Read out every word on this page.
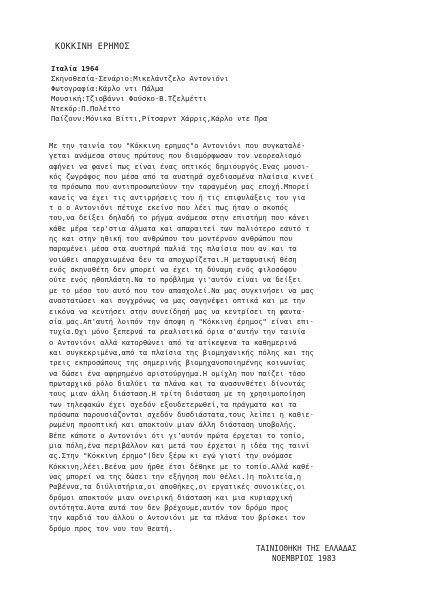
ΚΟΚΚΙΝΗ ΕΡΗΜΟΣ
Ιταλία 1964
Σκηνοθεσία-Σενάριο:Μικελάντζελο Αντονιόνι
Φωτογραφία:Κάρλο ντι Πάλμα
Μουσική:Τζιοβάννι Φούσκο-Β.Τζελμέττι
Ντεκόρ:Π.Πολέττο
Παίζουν:Μόνικα Βίττι,Ρίτσαρντ Χάρρις,Κάρλο ντε Πρα
Με την ταινία του "Κόκκινη ερημος"ο Αντονιόνι που συγκαταλέ-
γεται ανάμεσα στους πρώτους που διαμόρφωσαν τον νεορεαλισμό
αφήνει να φανεί πως είναι ένας οπτικός δημιουργός.Ενας μουσι-
κός ζωγράφος που μέσα από τα αυστηρά σχεδιασμένα πλαίσια κινεί
τα πρόσωπα που αντιπροσωπεύουν την ταραγμένη μας εποχή.Μπορεί
κανείς να έχει τις αντιρρήσεις του ή τις επιφυλάξεις του για
τ ο ο Αντονιόνι πέτυχε εκείνο που λέει πως ήταν ο σκοπός
του,να δείξει δηλαδή το ρήγμα ανάμεσα στην επιστήμη που κάνει
κάθε μέρα τερ'στια άλματα και απαραιτεί των παλιότερο εαυτό τ
ης και στην ηθική του ανθρώπου του μοντέρνου ανθρώπου που
παραμένει μέσα στα αυστηρά παλιά της πλαίσια που αν και τα
νοιώθει απαρχαιωμένα δεν τα αποχωρίζεται.Η μεταφυσική θέση
ενός σκηνοθέτη δεν μπορεί να έχει τη δύναμη ενός φιλοσόφου
ούτε ενός ηθοπλάστη.Να το πρόβλημα γι'αυτόν είναι να δείξει
με το μέσο του αυτό που τον απασχολεί.Να μας συγκινήσει να μας
αναστατώσει και συγχρόνως να μας σαγηνέψει οπτικά και με την
εικόνα να κεντήσει στην συνείδησή μας να κεντρίσει τη φαντα-
σία μας.Απ'αυτή λοιπόν την άποψη η "Κόκκινη έρημος" είναι επι-
τυχία.Οχι μόνο ξεπερνά τα ρεαλιστικά όρια σ'αυτήν την ταινία
ο Αντονιόνι αλλά κατορθώνει από τα ατίκεψενα τα καθημερινά
και συγκεκριμένα,από τα πλαίσια της βιομηχανικής πόλης και της
τρεις εκπροσώπους της σημερινής βιομηχανοποιημένης κοινωνίας
να δώσει ένα αφηρημένο αριστούργημα.Η ομίχλη που παίζει τόσο
πρωταρχικό ρόλο διαλύει τα πλάνα και τα ανασυνθέτει δίνοντάς
τους μιαν άλλη διάσταση.Η τρίτη διάσταση με τη χρησιμοποίηση
των τηλεφακών έχει σχεδόν εξουδετερωθεί,τα πράγματα και τα
πρόσωπα παρουσιάζονται σχεδόν δυσδιάστατα,τους λείπει η καθιε-
ρωμένη προοπτική και αποκτούν μιαν άλλη διάσταση υποβολής.
Βέπε κάποτε ο Αντονιόνι ότι γι'αυτόν πρώτα έρχεται το τοπίο,
μια πόλη,ένα περιβάλλον και μετά του έρχεται η ιδέα της ταινί
ας.Στην "Κόκκινη έρημο"(δεν ξέρω κι εγώ γιατί την ονόμασε
Κόκκινη,λέει.Βεένα μου ήρθε έτσι δέθηκε με το τοπίο.Αλλά καθέ-
νας μπορεί να της δώσει την εξήγηση που θέλει.)η πολιτεία,η
Ραβέννα,τα διϋλιστήρια,οι αποθήκες,οι εργατικές συνοικίες,οι
δρόμοι αποκτούν μιαν ονειρική διάσταση και μια κυριαρχική
οντότητα.Αυτα αυτά του δεν βρέχουμε,αυτόν τον δρόμο προς
την καρδιά του άλλου ο Αντονιόνι με τα πλάνα του βρίσκει τον
δρόμο προς τον νου του θεατή.
ΤΑΙΝΙΟΘΗΚΗ ΤΗΣ ΕΛΛΑΔΑΣ
ΝΟΕΜΒΡΙΟΣ 1983
